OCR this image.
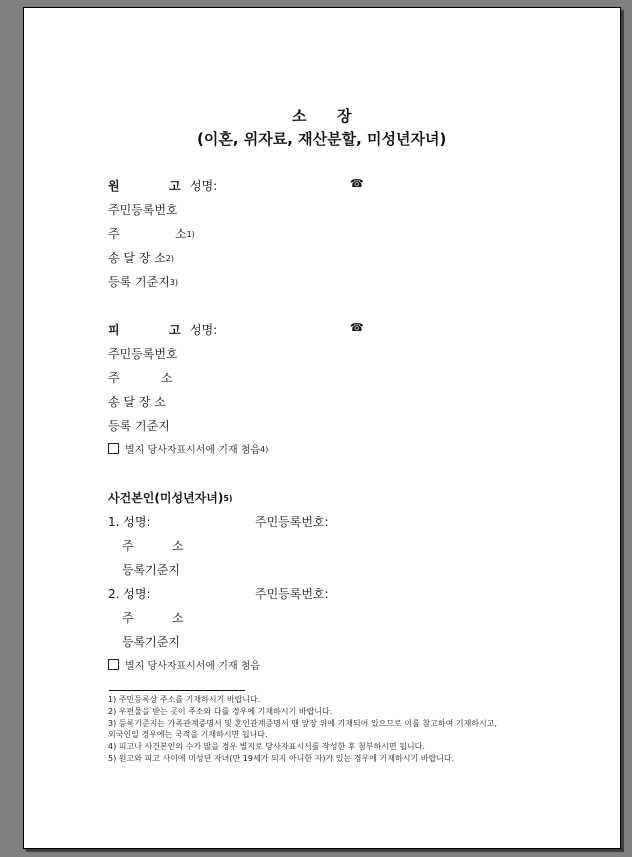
소 장
(이혼, 위자료, 재산분할, 미성년자녀)
원	고 성명:	☎
주민등록번호
주	소1)
송 달 장 소2)
등록 기준지3)
피	고 성명:	☎
주민등록번호
주	소
송 달 장 소
등록 기준지
별지 당사자표시서에 기재 첨음4)
사건본인(미성년자녀)5)
1. 성명:	주민등록번호:
주	소
등록기준지
2. 성명:	주민등록번호:
주	소
등록기준지
별지 당사자표시서에 기재 첨음
1) 주민등록상 주소를 기재하시기 바랍니다.
2) 우편물을 받는 곳이 주소와 다를 경우에 기재하시기 바랍니다.
3) 등록기준지는 가족관계증명서 및 혼인관계증명서 맨 앞장 위에 기재되어 있으므로 이를 참고하여 기재하시고,
외국인일 경우에는 국적을 기재하시면 됩니다.
4) 피고나 사건본인의 수가 많을 경우 별지로 당사자표시서를 작성한 후 첨부하시면 됩니다.
5) 원고와 피고 사이에 미성년 자녀(만 19세가 되지 아니한 자)가 있는 경우에 기재하시기 바랍니다.
